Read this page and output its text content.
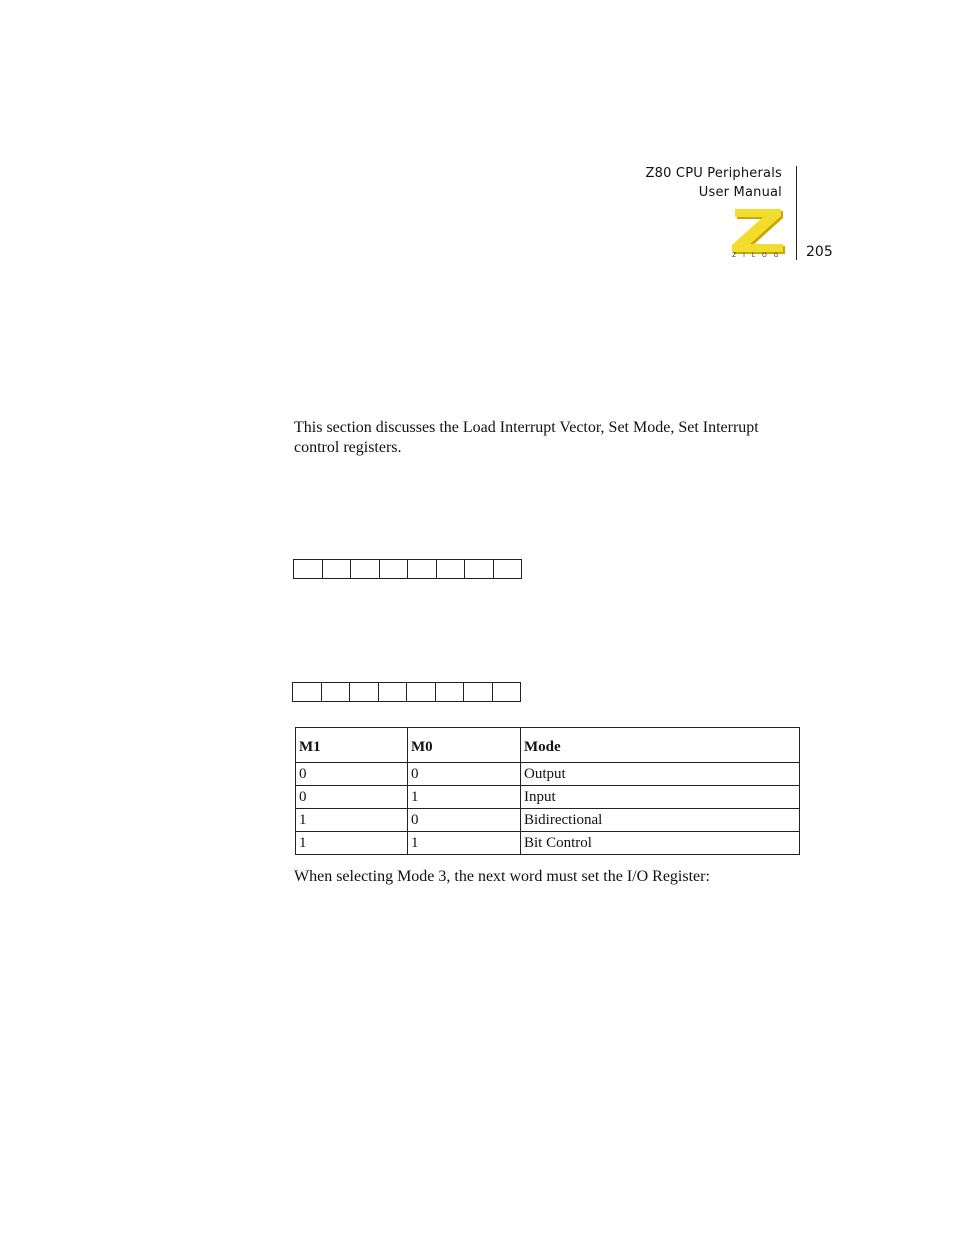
Z80 CPU Peripherals
User Manual
205
ZILOG

This section discusses the Load Interrupt Vector, Set Mode, Set Interrupt control registers.

M1	M0	Mode
0	0	Output
0	1	Input
1	0	Bidirectional
1	1	Bit Control

When selecting Mode 3, the next word must set the I/O Register:
